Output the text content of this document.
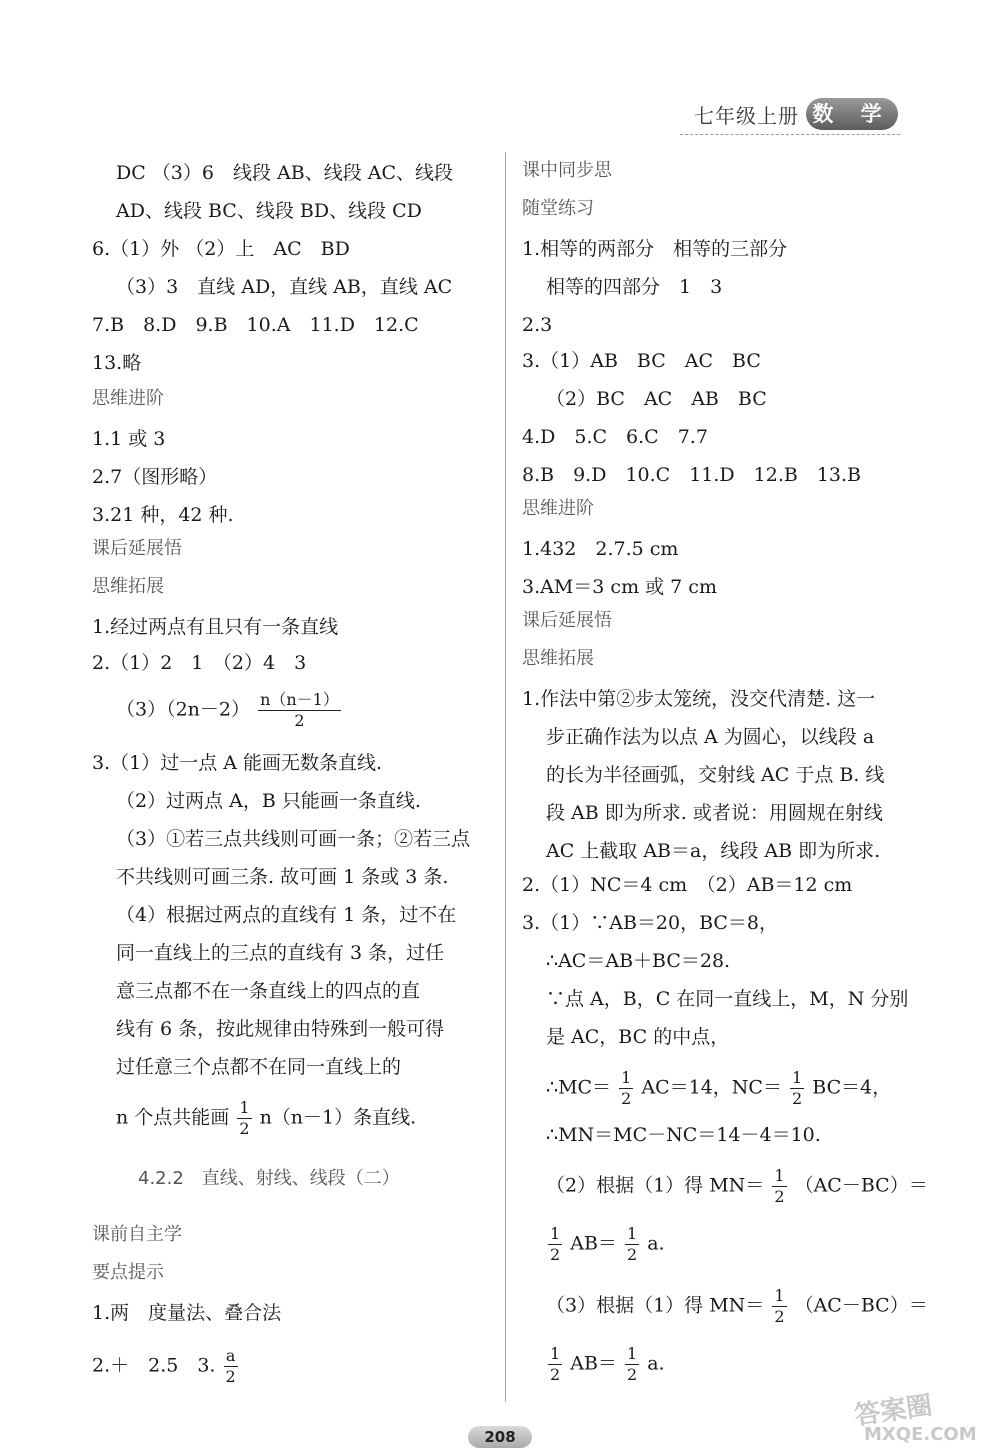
七年级上册 数 学
DC （3）6　线段 AB、线段 AC、线段
AD、线段 BC、线段 BD、线段 CD
6.（1）外 （2）上　AC　BD
（3）3　直线 AD，直线 AB，直线 AC
7.B　8.D　9.B　10.A　11.D　12.C
13.略
思维进阶
1.1 或 3
2.7（图形略）
3.21 种，42 种.
课后延展悟
思维拓展
1.经过两点有且只有一条直线
2.（1）2　1　（2）4　3
$(3)(2n-2) \frac{n(n-1)}{2}$
3.（1）过一点 A 能画无数条直线.
（2）过两点 A，B 只能画一条直线.
（3）①若三点共线则可画一条；②若三点
不共线则可画三条. 故可画 1 条或 3 条.
（4）根据过两点的直线有 1 条，过不在
同一直线上的三点的直线有 3 条，过任
意三点都不在一条直线上的四点的直
线有 6 条，按此规律由特殊到一般可得
过任意三个点都不在同一直线上的
n 个点共能画 $\frac{1}{2} n(n-1)$条直线.
4.2.2　直线、射线、线段（二）
课前自主学
要点提示
1.两　度量法、叠合法
2.＋　2.5　3. $\frac{a}{2}$
课中同步思
随堂练习
1.相等的两部分　相等的三部分
相等的四部分　1　3
2.3
3.（1）AB　BC　AC　BC
（2）BC　AC　AB　BC
4.D　5.C　6.C　7.7
8.B　9.D　10.C　11.D　12.B　13.B
思维进阶
1.432　2.7.5 cm
3.AM＝3 cm 或 7 cm
课后延展悟
思维拓展
1.作法中第②步太笼统，没交代清楚. 这一
步正确作法为以点 A 为圆心，以线段 a
的长为半径画弧，交射线 AC 于点 B. 线
段 AB 即为所求. 或者说：用圆规在射线
AC 上截取 AB＝a，线段 AB 即为所求.
2.（1）NC＝4 cm　（2）AB＝12 cm
3.（1）∵AB＝20，BC＝8，
∴AC＝AB＋BC＝28.
∵点 A，B，C 在同一直线上，M，N 分别
是 AC，BC 的中点，
∴MC＝ $\frac{1}{2} AC=14$，$NC= \frac{1}{2} BC=4$，
∴MN＝MC－NC＝14－4＝10.
（2）根据（1）得 $MN= \frac{1}{2} (AC-BC)=$
$\frac{1}{2} AB= \frac{1}{2} a$.
（3）根据（1）得 $MN= \frac{1}{2} (AC-BC)=$
$\frac{1}{2} AB= \frac{1}{2} a$.
208
答案圈
MXQE.COM
